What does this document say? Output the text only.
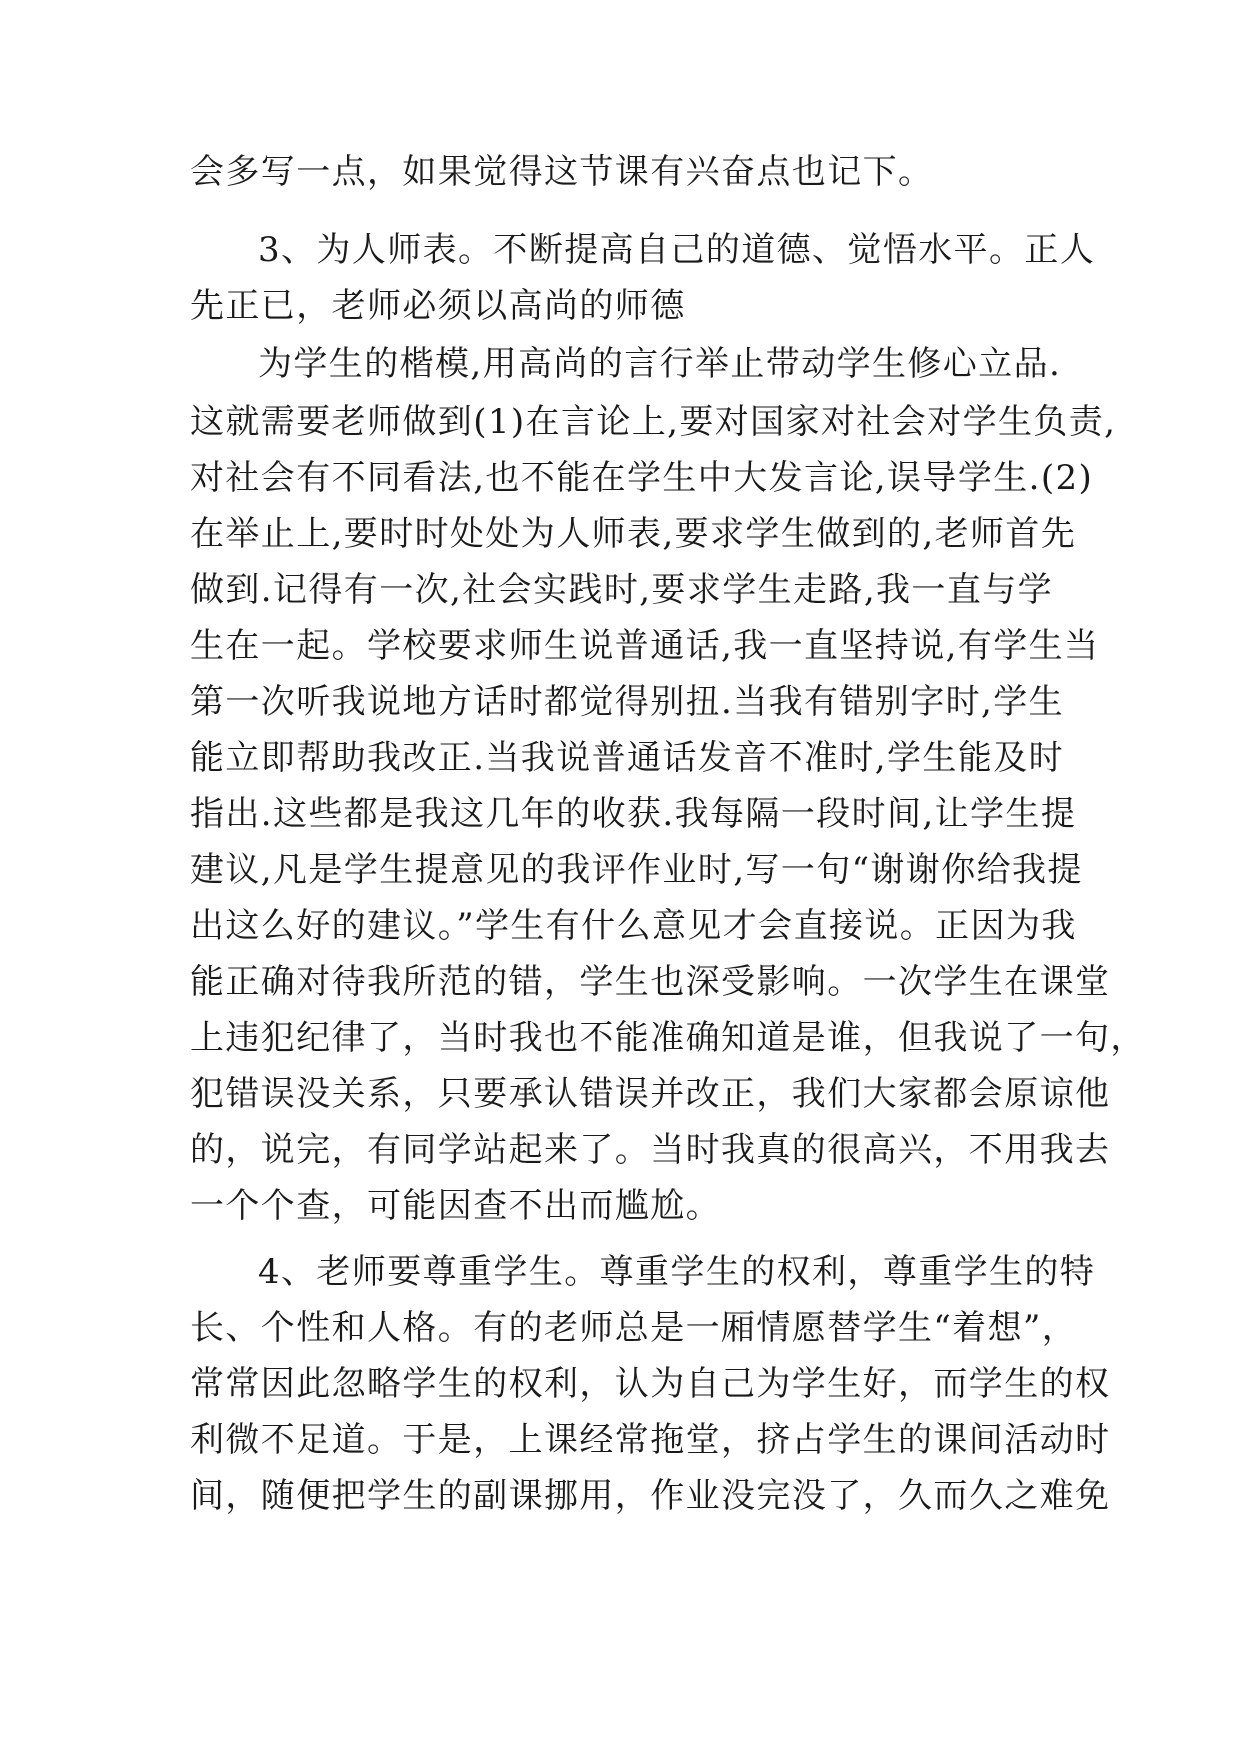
会多写一点，如果觉得这节课有兴奋点也记下。
3、为人师表。不断提高自己的道德、觉悟水平。正人
先正已，老师必须以高尚的师德
为学生的楷模,用高尚的言行举止带动学生修心立品.
这就需要老师做到(1)在言论上,要对国家对社会对学生负责,
对社会有不同看法,也不能在学生中大发言论,误导学生.(2)
在举止上,要时时处处为人师表,要求学生做到的,老师首先
做到.记得有一次,社会实践时,要求学生走路,我一直与学
生在一起。学校要求师生说普通话,我一直坚持说,有学生当
第一次听我说地方话时都觉得别扭.当我有错别字时,学生
能立即帮助我改正.当我说普通话发音不准时,学生能及时
指出.这些都是我这几年的收获.我每隔一段时间,让学生提
建议,凡是学生提意见的我评作业时,写一句“谢谢你给我提
出这么好的建议。”学生有什么意见才会直接说。正因为我
能正确对待我所范的错，学生也深受影响。一次学生在课堂
上违犯纪律了，当时我也不能准确知道是谁，但我说了一句，
犯错误没关系，只要承认错误并改正，我们大家都会原谅他
的，说完，有同学站起来了。当时我真的很高兴，不用我去
一个个查，可能因查不出而尴尬。
4、老师要尊重学生。尊重学生的权利，尊重学生的特
长、个性和人格。有的老师总是一厢情愿替学生“着想”，
常常因此忽略学生的权利，认为自己为学生好，而学生的权
利微不足道。于是，上课经常拖堂，挤占学生的课间活动时
间，随便把学生的副课挪用，作业没完没了，久而久之难免
